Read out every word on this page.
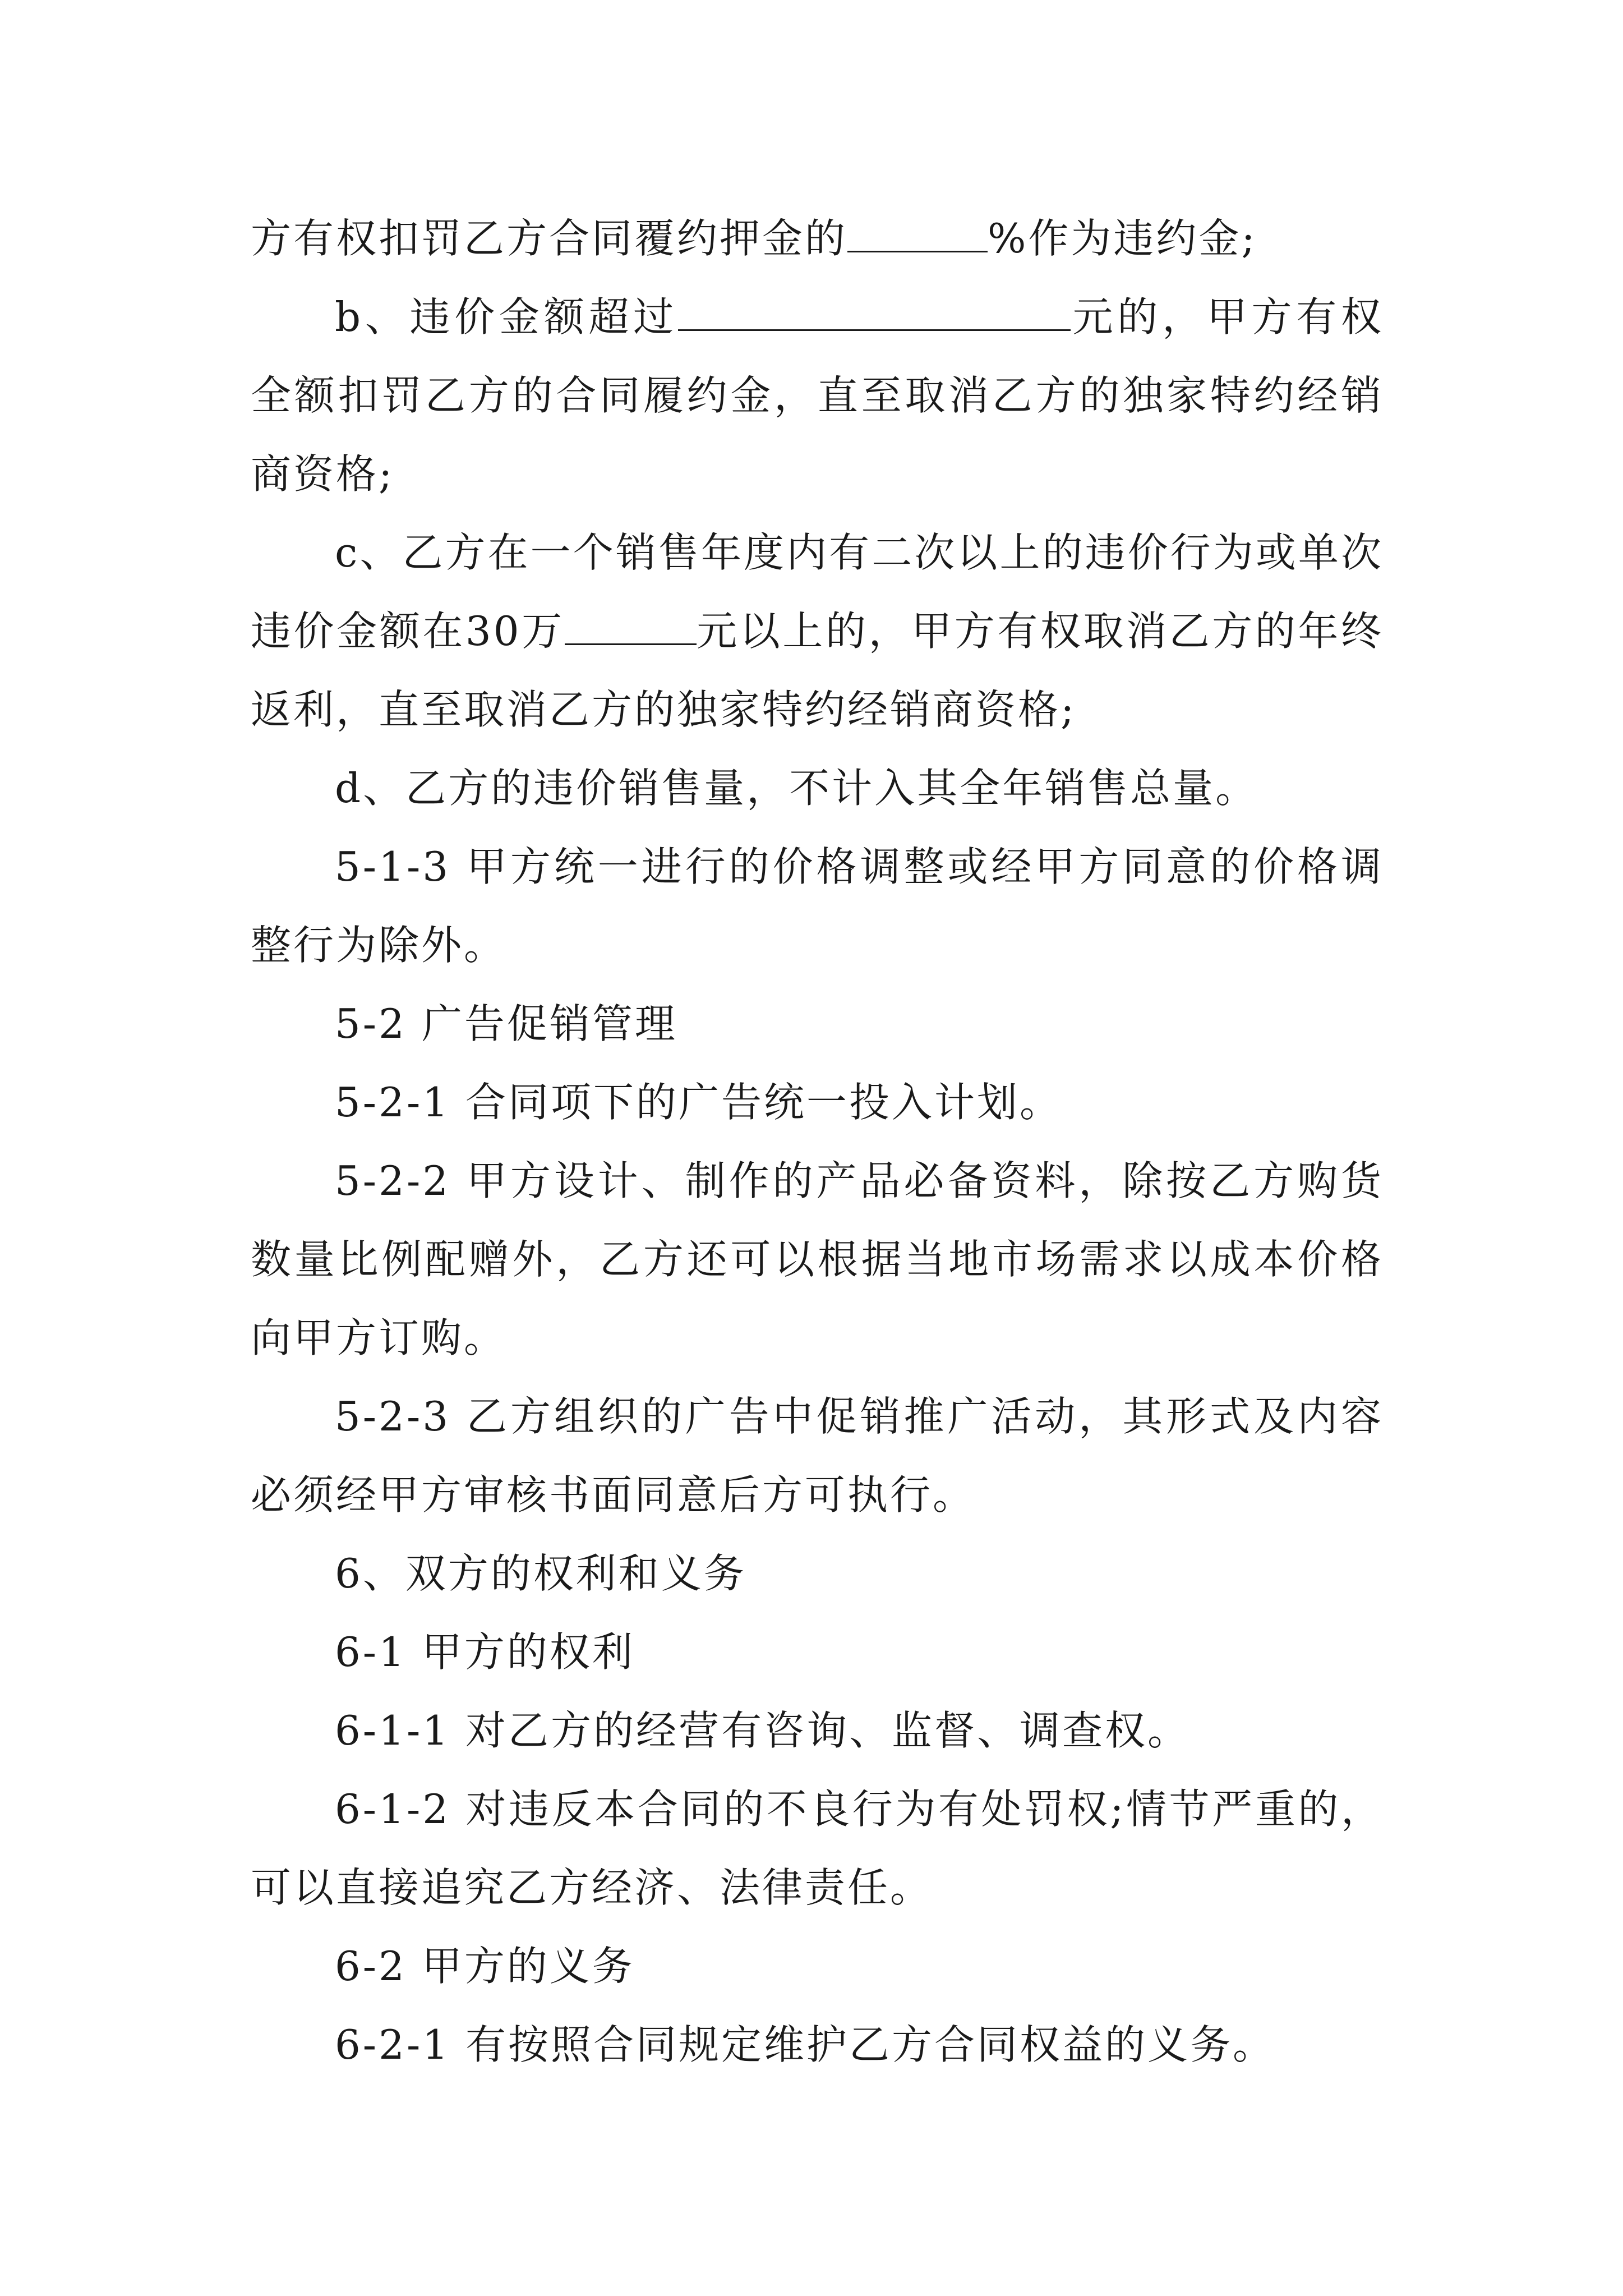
方有权扣罚乙方合同覆约押金的	%作为违约金;

b、违价金额超过	元的，甲方有权全额扣罚乙方的合同履约金，直至取消乙方的独家特约经销商资格;

c、乙方在一个销售年度内有二次以上的违价行为或单次违价金额在30万	元以上的，甲方有权取消乙方的年终返利，直至取消乙方的独家特约经销商资格;

d、乙方的违价销售量，不计入其全年销售总量。

5-1-3 甲方统一进行的价格调整或经甲方同意的价格调整行为除外。

5-2 广告促销管理

5-2-1 合同项下的广告统一投入计划。

5-2-2 甲方设计、制作的产品必备资料，除按乙方购货数量比例配赠外，乙方还可以根据当地市场需求以成本价格向甲方订购。

5-2-3 乙方组织的广告中促销推广活动，其形式及内容必须经甲方审核书面同意后方可执行。

6、双方的权利和义务

6-1 甲方的权利

6-1-1 对乙方的经营有咨询、监督、调查权。

6-1-2 对违反本合同的不良行为有处罚权;情节严重的，可以直接追究乙方经济、法律责任。

6-2 甲方的义务

6-2-1 有按照合同规定维护乙方合同权益的义务。
